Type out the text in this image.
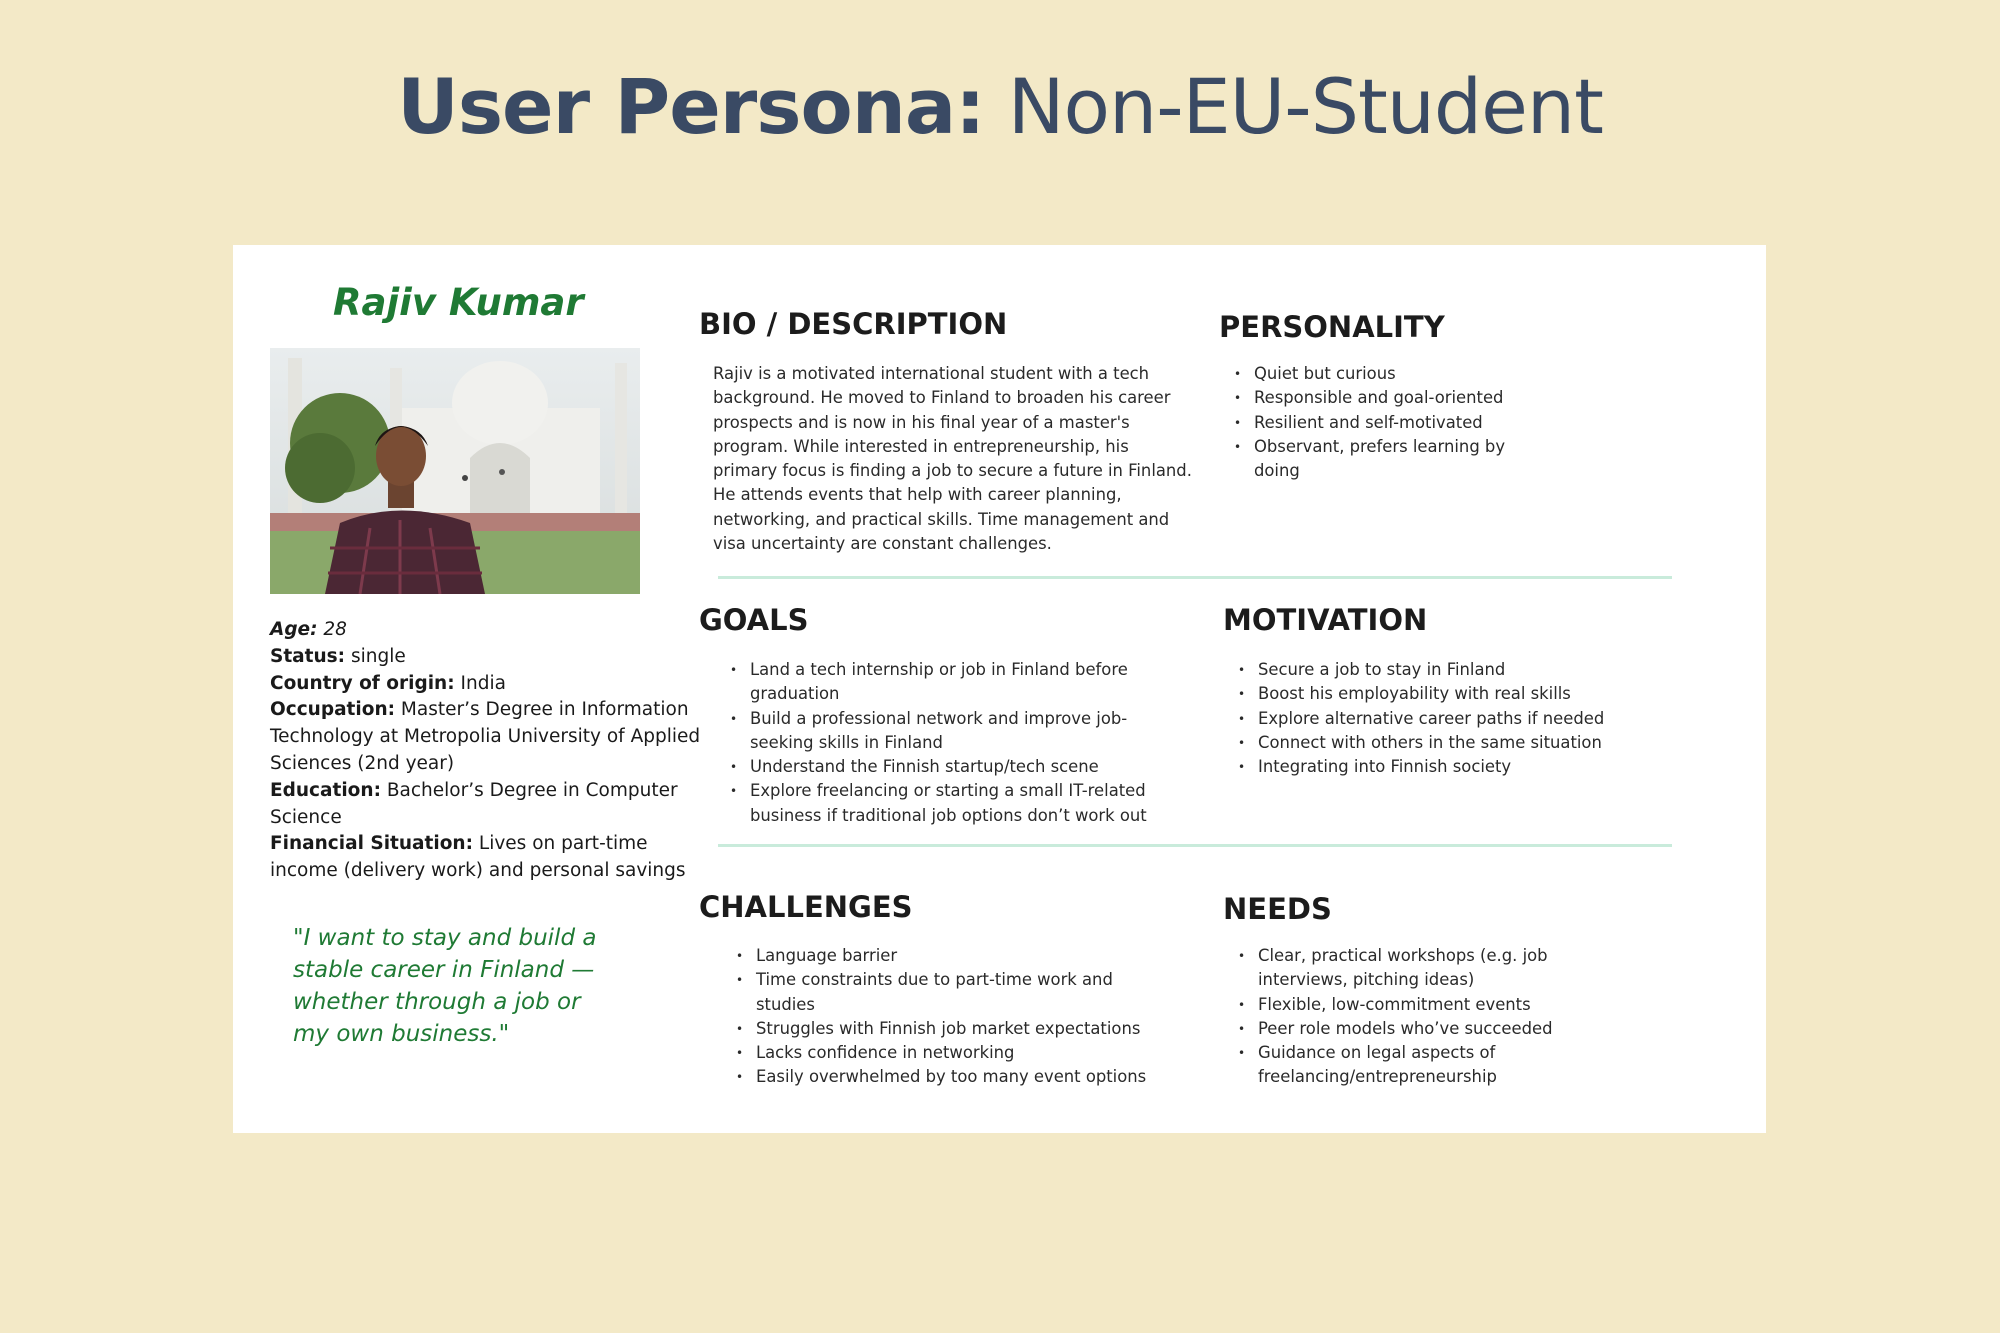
User Persona: Non-EU-Student
Rajiv Kumar
Age: 28
Status: single
Country of origin: India
Occupation: Master’s Degree in Information Technology at Metropolia University of Applied Sciences (2nd year)
Education: Bachelor’s Degree in Computer Science
Financial Situation: Lives on part-time income (delivery work) and personal savings
"I want to stay and build a stable career in Finland — whether through a job or my own business."
BIO / DESCRIPTION
Rajiv is a motivated international student with a tech background. He moved to Finland to broaden his career prospects and is now in his final year of a master's program. While interested in entrepreneurship, his primary focus is finding a job to secure a future in Finland. He attends events that help with career planning, networking, and practical skills. Time management and visa uncertainty are constant challenges.
PERSONALITY
• Quiet but curious
• Responsible and goal-oriented
• Resilient and self-motivated
• Observant, prefers learning by doing
GOALS
• Land a tech internship or job in Finland before graduation
• Build a professional network and improve job-seeking skills in Finland
• Understand the Finnish startup/tech scene
• Explore freelancing or starting a small IT-related business if traditional job options don’t work out
MOTIVATION
• Secure a job to stay in Finland
• Boost his employability with real skills
• Explore alternative career paths if needed
• Connect with others in the same situation
• Integrating into Finnish society
CHALLENGES
• Language barrier
• Time constraints due to part-time work and studies
• Struggles with Finnish job market expectations
• Lacks confidence in networking
• Easily overwhelmed by too many event options
NEEDS
• Clear, practical workshops (e.g. job interviews, pitching ideas)
• Flexible, low-commitment events
• Peer role models who’ve succeeded
• Guidance on legal aspects of freelancing/entrepreneurship
